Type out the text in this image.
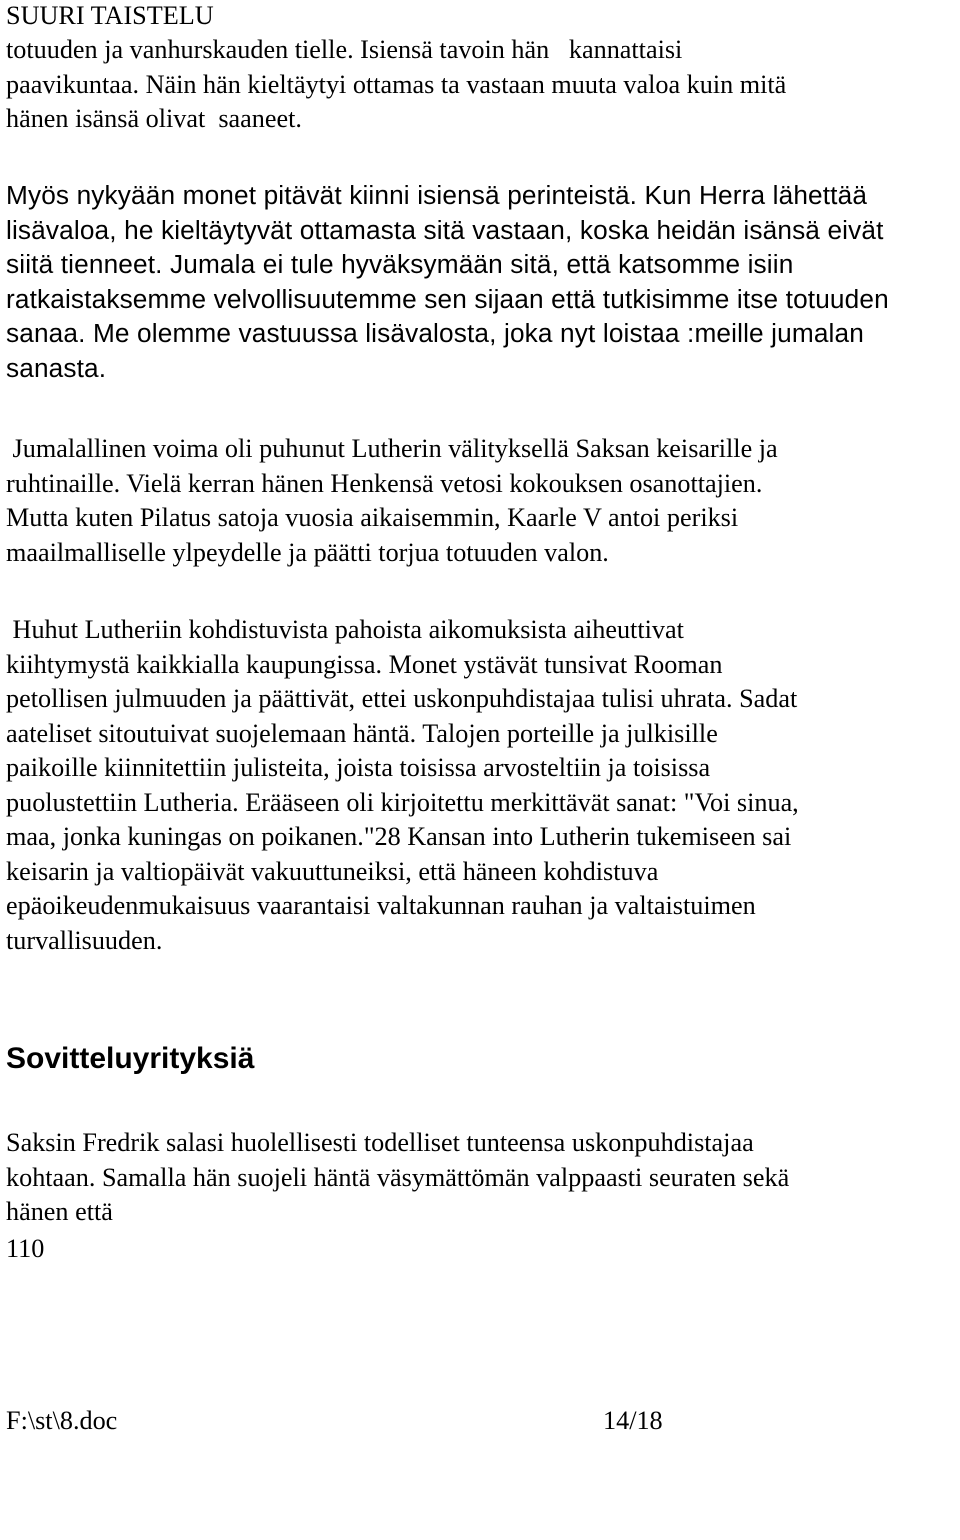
SUURI TAISTELU
totuuden ja vanhurskauden tielle. Isiensä tavoin hän   kannattaisi
paavikuntaa. Näin hän kieltäytyi ottamas ta vastaan muuta valoa kuin mitä
hänen isänsä olivat  saaneet.
Myös nykyään monet pitävät kiinni isiensä perinteistä. Kun Herra lähettää
lisävaloa, he kieltäytyvät ottamasta sitä vastaan, koska heidän isänsä eivät
siitä tienneet. Jumala ei tule hyväksymään sitä, että katsomme isiin
ratkaistaksemme velvollisuutemme sen sijaan että tutkisimme itse totuuden
sanaa. Me olemme vastuussa lisävalosta, joka nyt loistaa :meille jumalan
sanasta.
Jumalallinen voima oli puhunut Lutherin välityksellä Saksan keisarille ja
ruhtinaille. Vielä kerran hänen Henkensä vetosi kokouksen osanottajien.
Mutta kuten Pilatus satoja vuosia aikaisemmin, Kaarle V antoi periksi
maailmalliselle ylpeydelle ja päätti torjua totuuden valon.
Huhut Lutheriin kohdistuvista pahoista aikomuksista aiheuttivat
kiihtymystä kaikkialla kaupungissa. Monet ystävät tunsivat Rooman
petollisen julmuuden ja päättivät, ettei uskonpuhdistajaa tulisi uhrata. Sadat
aateliset sitoutuivat suojelemaan häntä. Talojen porteille ja julkisille
paikoille kiinnitettiin julisteita, joista toisissa arvosteltiin ja toisissa
puolustettiin Lutheria. Erääseen oli kirjoitettu merkittävät sanat: "Voi sinua,
maa, jonka kuningas on poikanen."28 Kansan into Lutherin tukemiseen sai
keisarin ja valtiopäivät vakuuttuneiksi, että häneen kohdistuva
epäoikeudenmukaisuus vaarantaisi valtakunnan rauhan ja valtaistuimen
turvallisuuden.
Sovitteluyrityksiä
Saksin Fredrik salasi huolellisesti todelliset tunteensa uskonpuhdistajaa
kohtaan. Samalla hän suojeli häntä väsymättömän valppaasti seuraten sekä
hänen että
110

F:\st\8.doc

	14/18
